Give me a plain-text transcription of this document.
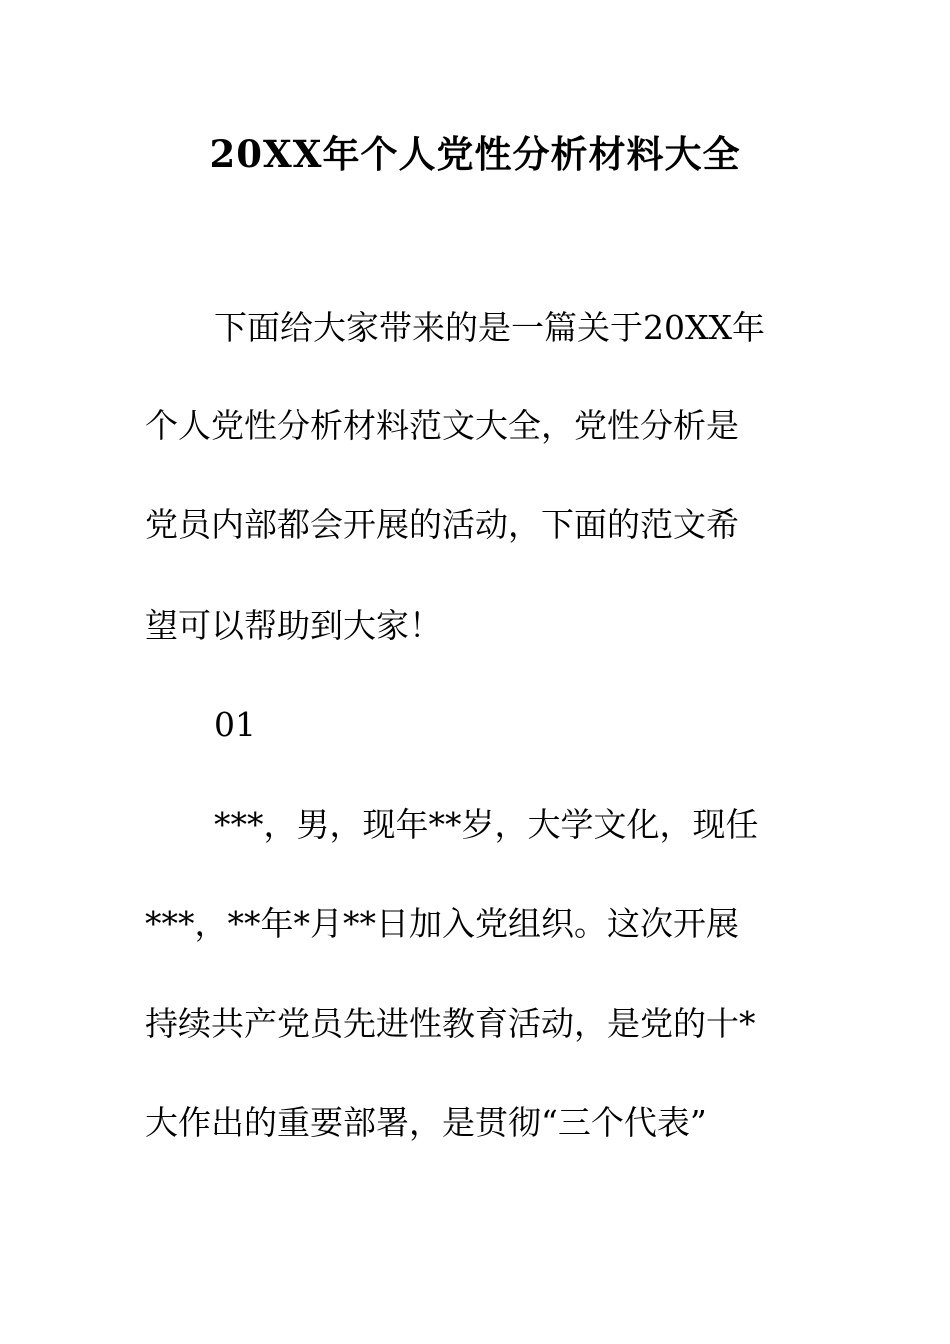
20XX年个人党性分析材料大全
下面给大家带来的是一篇关于20XX年
个人党性分析材料范文大全，党性分析是
党员内部都会开展的活动，下面的范文希
望可以帮助到大家！
01
***，男，现年**岁，大学文化，现任
***，**年*月**日加入党组织。这次开展
持续共产党员先进性教育活动，是党的十*
大作出的重要部署，是贯彻“三个代表”
